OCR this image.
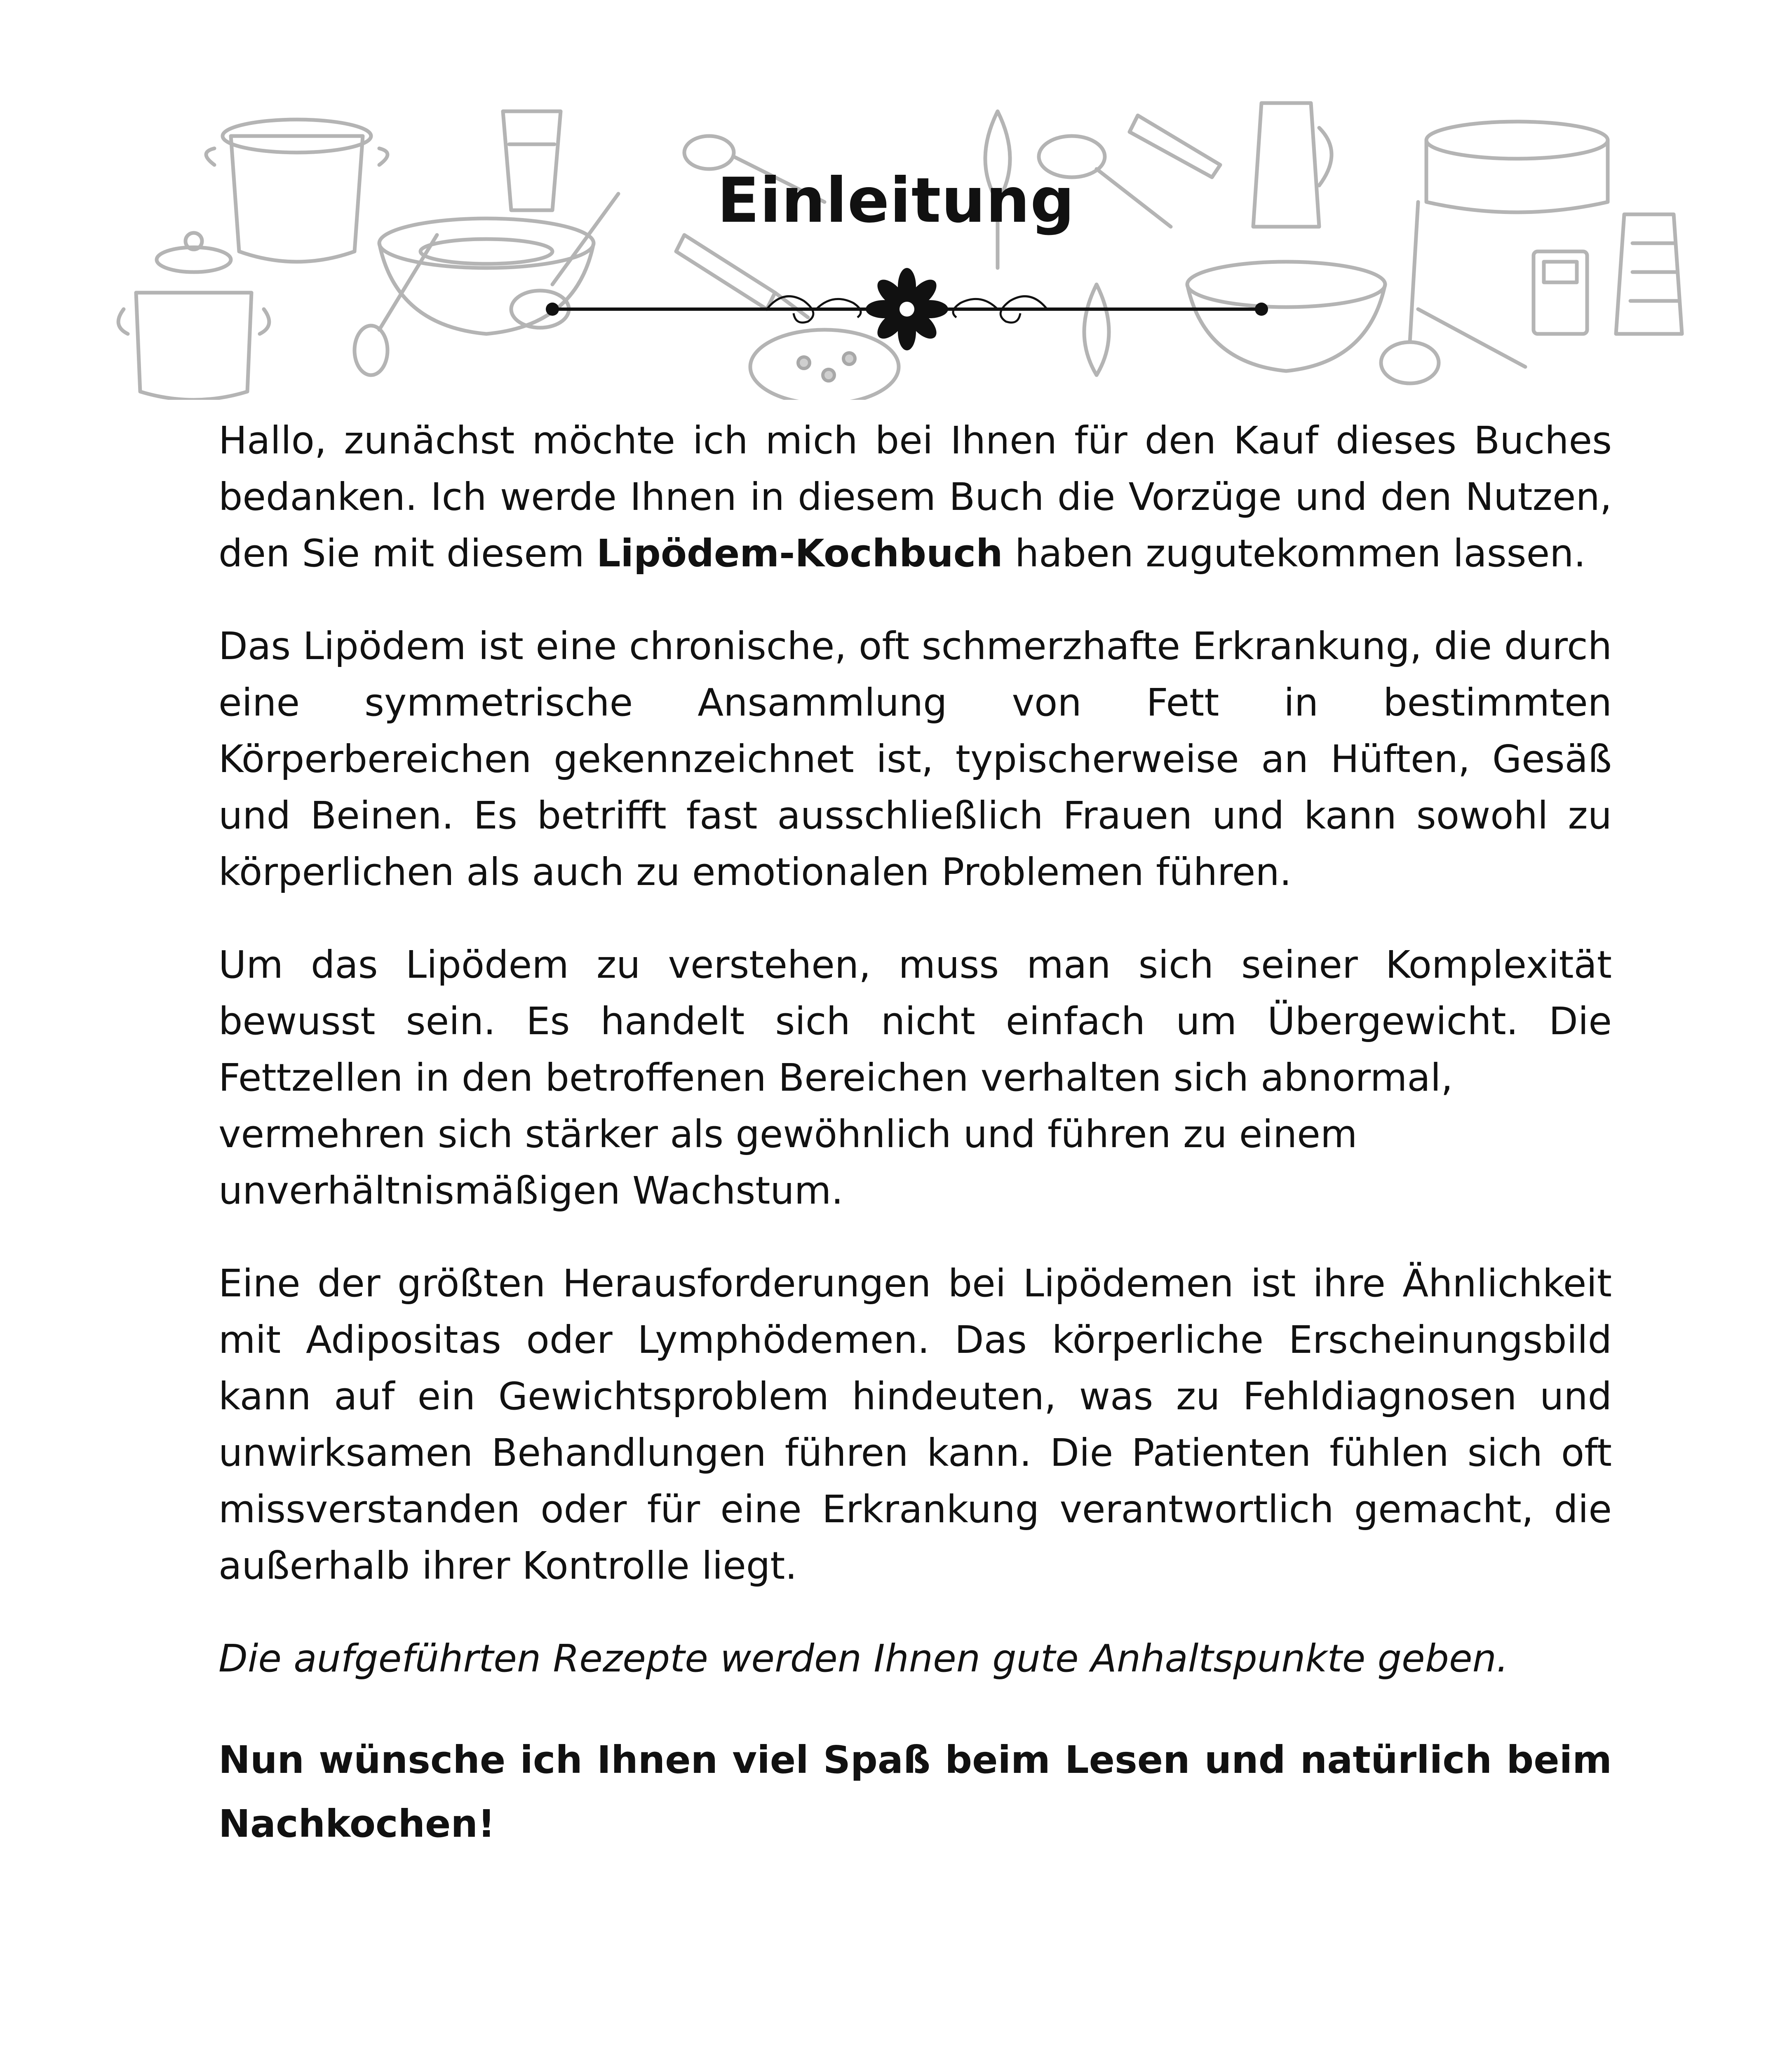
Einleitung

Hallo, zunächst möchte ich mich bei Ihnen für den Kauf dieses Buches bedanken. Ich werde Ihnen in diesem Buch die Vorzüge und den Nutzen, den Sie mit diesem Lipödem-Kochbuch haben zugutekommen lassen.

Das Lipödem ist eine chronische, oft schmerzhafte Erkrankung, die durch eine symmetrische Ansammlung von Fett in bestimmten Körperbereichen gekennzeichnet ist, typischerweise an Hüften, Gesäß und Beinen. Es betrifft fast ausschließlich Frauen und kann sowohl zu körperlichen als auch zu emotionalen Problemen führen.

Um das Lipödem zu verstehen, muss man sich seiner Komplexität bewusst sein. Es handelt sich nicht einfach um Übergewicht. Die Fettzellen in den betroffenen Bereichen verhalten sich abnormal,

vermehren sich stärker als gewöhnlich und führen zu einem unverhältnismäßigen Wachstum.

Eine der größten Herausforderungen bei Lipödemen ist ihre Ähnlichkeit mit Adipositas oder Lymphödemen. Das körperliche Erscheinungsbild kann auf ein Gewichtsproblem hindeuten, was zu Fehldiagnosen und unwirksamen Behandlungen führen kann. Die Patienten fühlen sich oft missverstanden oder für eine Erkrankung verantwortlich gemacht, die außerhalb ihrer Kontrolle liegt.

Die aufgeführten Rezepte werden Ihnen gute Anhaltspunkte geben.

Nun wünsche ich Ihnen viel Spaß beim Lesen und natürlich beim Nachkochen!
